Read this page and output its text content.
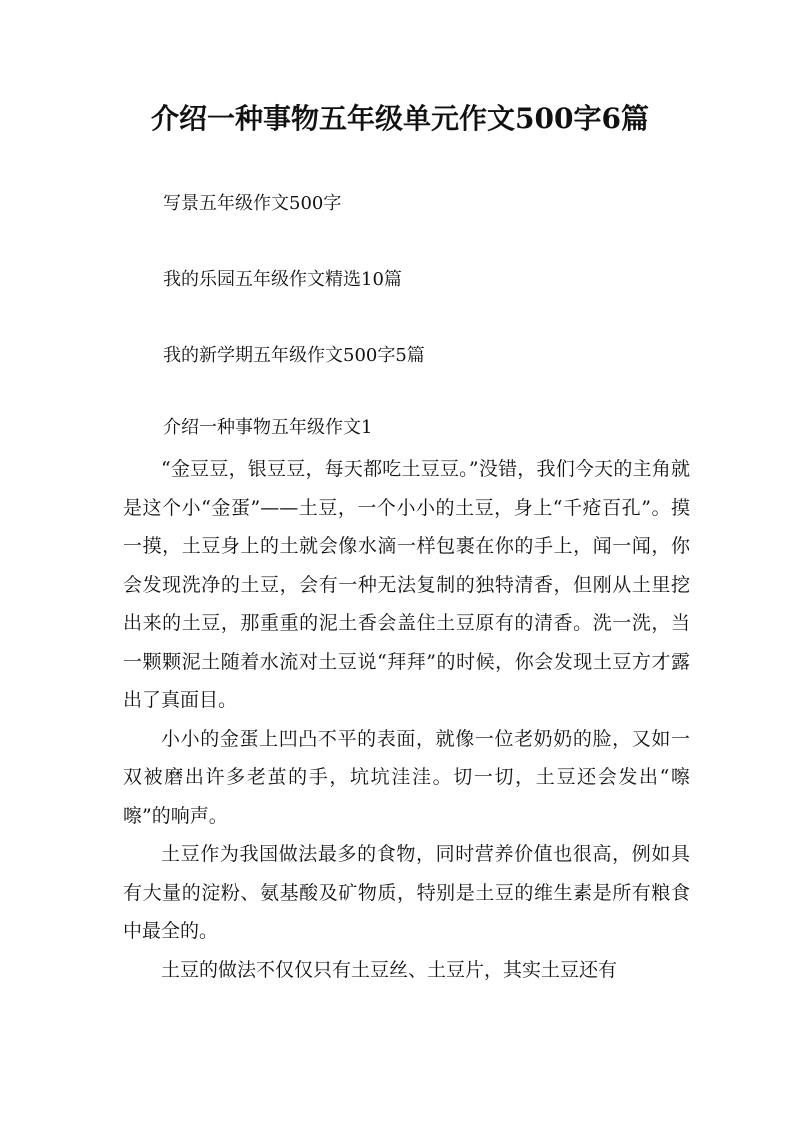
介绍一种事物五年级单元作文500字6篇
写景五年级作文500字
我的乐园五年级作文精选10篇
我的新学期五年级作文500字5篇
介绍一种事物五年级作文1

“金豆豆，银豆豆，每天都吃土豆豆。”没错，我们今天的主角就是这个小“金蛋”——土豆，一个小小的土豆，身上“千疮百孔”。摸一摸，土豆身上的土就会像水滴一样包裹在你的手上，闻一闻，你会发现洗净的土豆，会有一种无法复制的独特清香，但刚从土里挖出来的土豆，那重重的泥土香会盖住土豆原有的清香。洗一洗，当一颗颗泥土随着水流对土豆说“拜拜”的时候，你会发现土豆方才露出了真面目。

小小的金蛋上凹凸不平的表面，就像一位老奶奶的脸，又如一双被磨出许多老茧的手，坑坑洼洼。切一切，土豆还会发出“嚓嚓”的响声。

土豆作为我国做法最多的食物，同时营养价值也很高，例如具有大量的淀粉、氨基酸及矿物质，特别是土豆的维生素是所有粮食中最全的。

土豆的做法不仅仅只有土豆丝、土豆片，其实土豆还有
